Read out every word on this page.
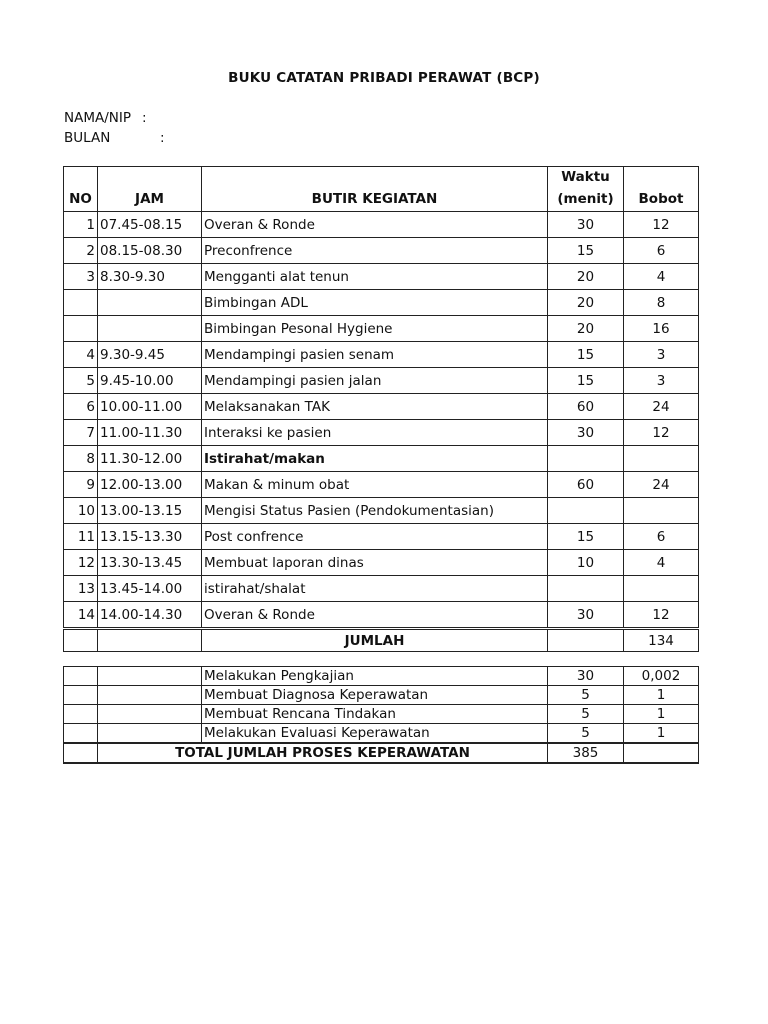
BUKU CATATAN PRIBADI PERAWAT (BCP)
NAMA/NIP :
BULAN	:
			Waktu	
NO	JAM	BUTIR KEGIATAN	(menit)	Bobot
1	07.45-08.15	Overan & Ronde	30	12
2	08.15-08.30	Preconfrence	15	6
3	8.30-9.30	Mengganti alat tenun	20	4
		Bimbingan ADL	20	8
		Bimbingan Pesonal Hygiene	20	16
4	9.30-9.45	Mendampingi pasien senam	15	3
5	9.45-10.00	Mendampingi pasien jalan	15	3
6	10.00-11.00	Melaksanakan TAK	60	24
7	11.00-11.30	Interaksi ke pasien	30	12
8	11.30-12.00	Istirahat/makan		
9	12.00-13.00	Makan & minum obat	60	24
10	13.00-13.15	Mengisi Status Pasien (Pendokumentasian)		
11	13.15-13.30	Post confrence	15	6
12	13.30-13.45	Membuat laporan dinas	10	4
13	13.45-14.00	istirahat/shalat		
14	14.00-14.30	Overan & Ronde	30	12
		JUMLAH		134
		Melakukan Pengkajian	30	0,002
		Membuat Diagnosa Keperawatan	5	1
		Membuat Rencana Tindakan	5	1
		Melakukan Evaluasi Keperawatan	5	1
	TOTAL JUMLAH PROSES KEPERAWATAN		385	
